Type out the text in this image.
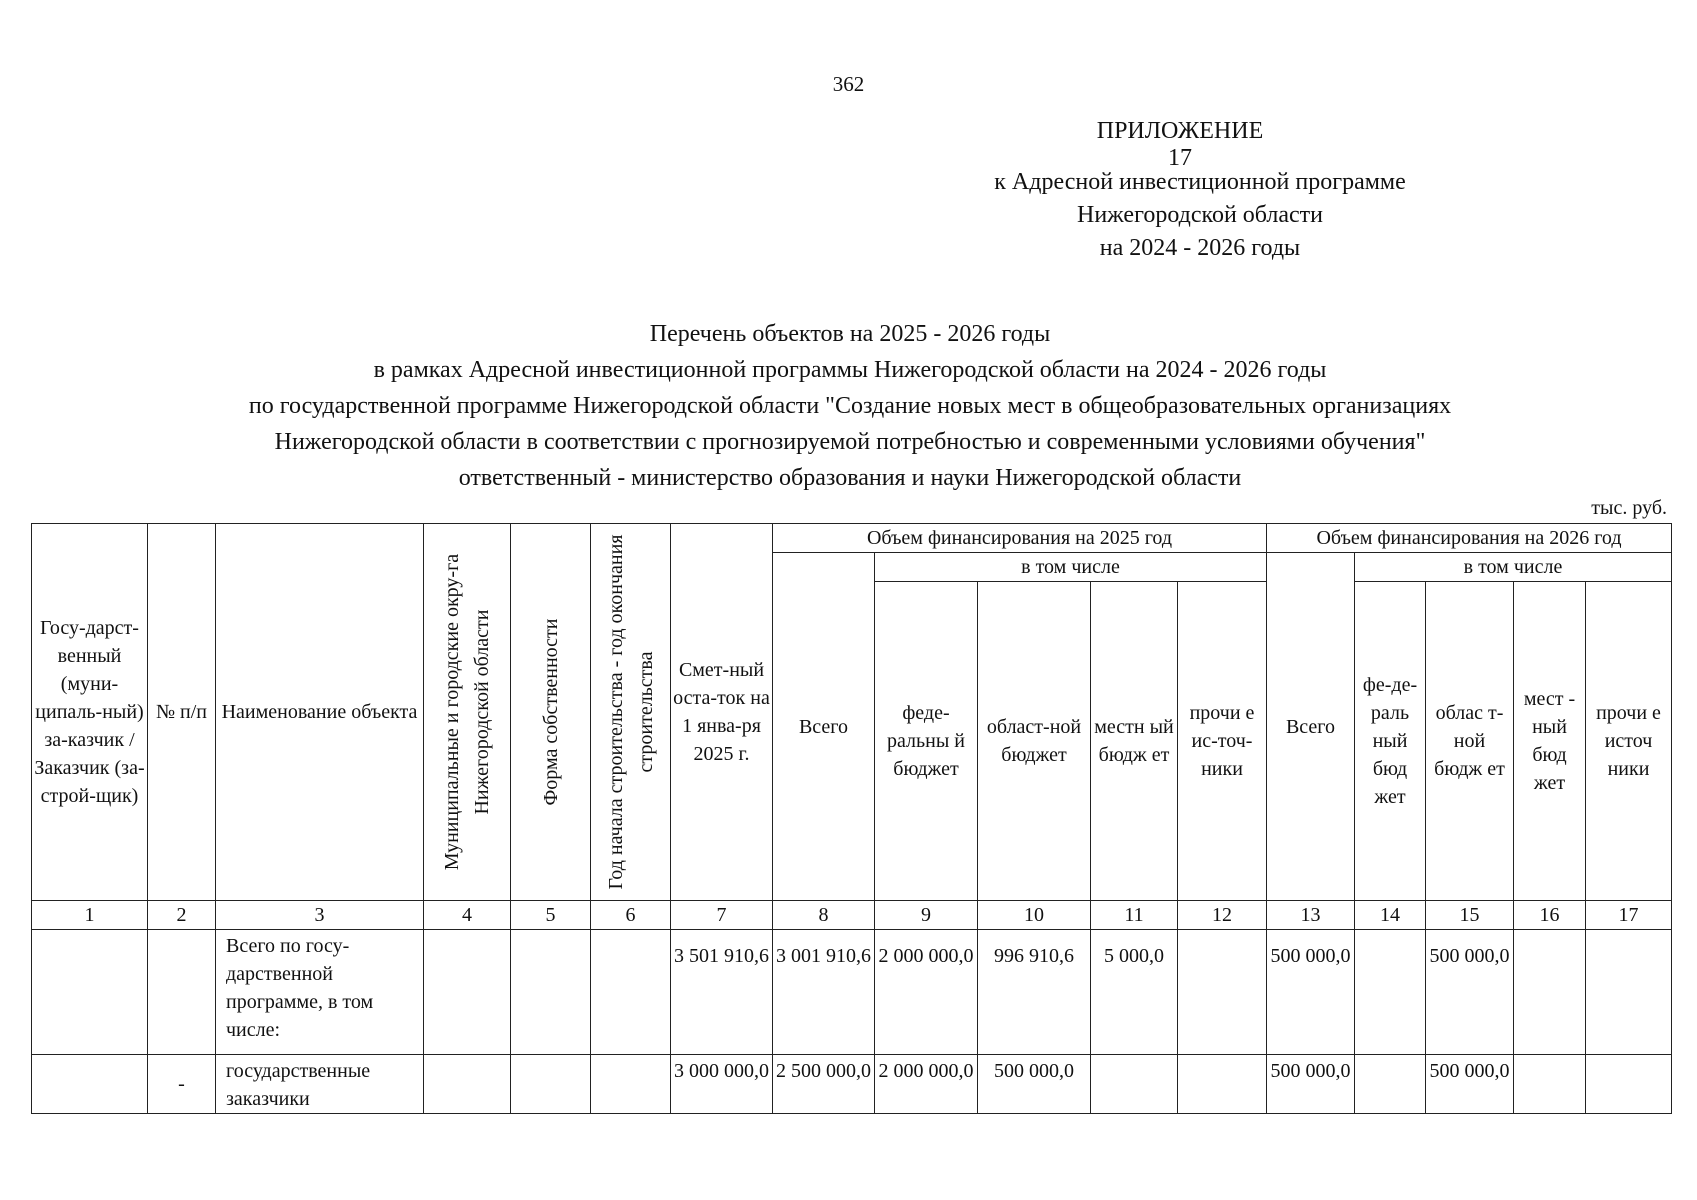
362
ПРИЛОЖЕНИЕ 17
к Адресной инвестиционной программе
Нижегородской области
на 2024 - 2026 годы
Перечень объектов на 2025 - 2026 годы
в рамках Адресной инвестиционной программы Нижегородской области на 2024 - 2026 годы
по государственной программе Нижегородской области "Создание новых мест в общеобразовательных организациях
Нижегородской области в соответствии с прогнозируемой потребностью и современными условиями обучения"
ответственный - министерство образования и науки Нижегородской области
тыс. руб.
Госу-дарст-венный (муни-ципаль-ный) за-казчик / Заказчик (за-строй-щик)	№ п/п	Наименование объекта	Муниципальные и городские окру-га Нижегородской области	Форма собственности	Год начала строительства - год окончания строительства	Смет-ный оста-ток на 1 янва-ря 2025 г.	Объем финансирования на 2025 год					Объем финансирования на 2026 год				
							Всего	в том числе				Всего	в том числе			
								феде-ральны й бюджет	област-ной бюджет	местн ый бюдж ет	прочи е ис-точ-ники		фе-де-раль ный бюд жет	облас т-ной бюдж ет	мест - ный бюд жет	прочи е источ ники
1	2	3	4	5	6	7	8	9	10	11	12	13	14	15	16	17
		Всего по госу-дарственной программе, в том числе:				3 501 910,6	3 001 910,6	2 000 000,0	996 910,6	5 000,0		500 000,0		500 000,0		
	-	государственные заказчики				3 000 000,0	2 500 000,0	2 000 000,0	500 000,0			500 000,0		500 000,0		
